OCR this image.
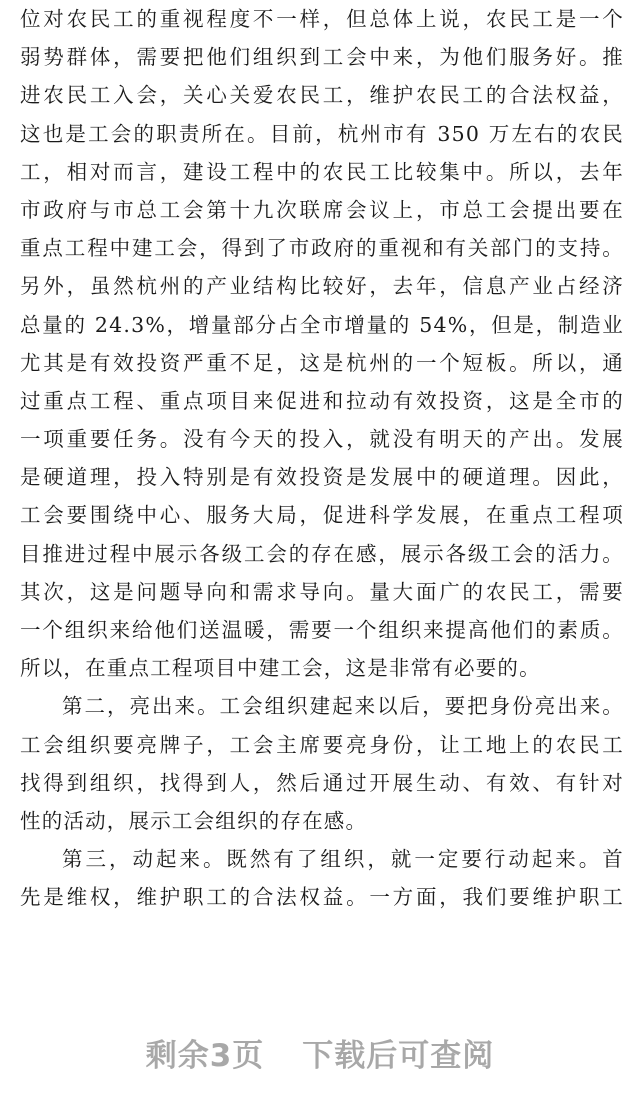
位对农民工的重视程度不一样，但总体上说，农民工是一个
弱势群体，需要把他们组织到工会中来，为他们服务好。推
进农民工入会，关心关爱农民工，维护农民工的合法权益，
这也是工会的职责所在。目前，杭州市有 350 万左右的农民
工，相对而言，建设工程中的农民工比较集中。所以，去年
市政府与市总工会第十九次联席会议上，市总工会提出要在
重点工程中建工会，得到了市政府的重视和有关部门的支持。
另外，虽然杭州的产业结构比较好，去年，信息产业占经济
总量的 24.3%，增量部分占全市增量的 54%，但是，制造业
尤其是有效投资严重不足，这是杭州的一个短板。所以，通
过重点工程、重点项目来促进和拉动有效投资，这是全市的
一项重要任务。没有今天的投入，就没有明天的产出。发展
是硬道理，投入特别是有效投资是发展中的硬道理。因此，
工会要围绕中心、服务大局，促进科学发展，在重点工程项
目推进过程中展示各级工会的存在感，展示各级工会的活力。
其次，这是问题导向和需求导向。量大面广的农民工，需要
一个组织来给他们送温暖，需要一个组织来提高他们的素质。
所以，在重点工程项目中建工会，这是非常有必要的。
第二，亮出来。工会组织建起来以后，要把身份亮出来。
工会组织要亮牌子，工会主席要亮身份，让工地上的农民工
找得到组织，找得到人，然后通过开展生动、有效、有针对
性的活动，展示工会组织的存在感。
第三，动起来。既然有了组织，就一定要行动起来。首
先是维权，维护职工的合法权益。一方面，我们要维护职工
剩余3页 下载后可查阅
